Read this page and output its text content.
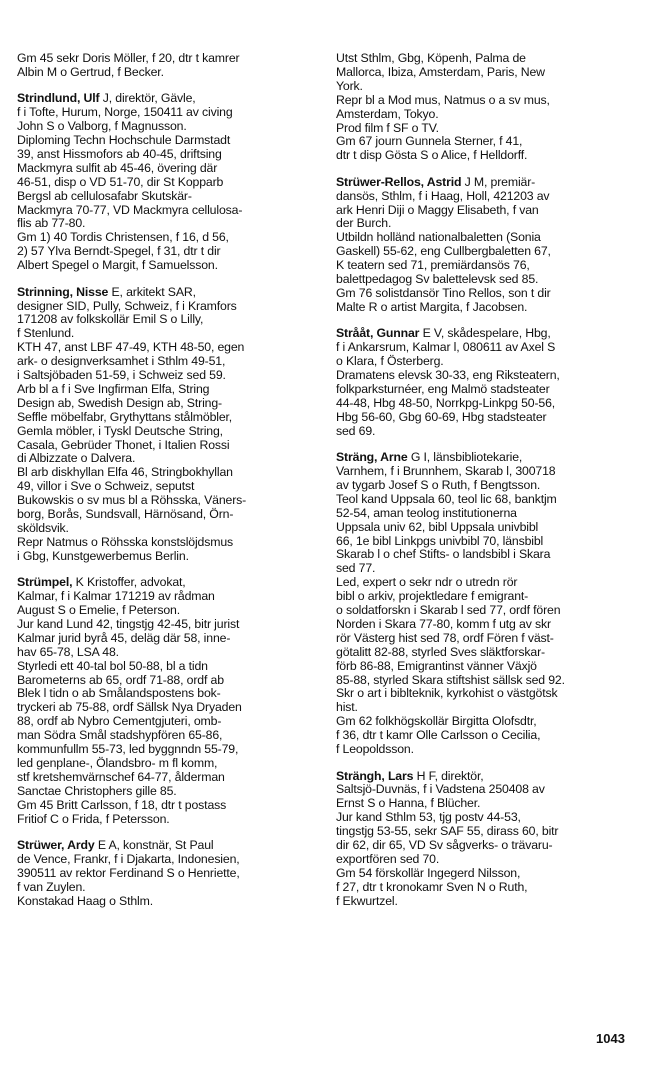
Gm 45 sekr Doris Möller, f 20, dtr t kamrer
Albin M o Gertrud, f Becker.
Strindlund, Ulf J, direktör, Gävle,
f i Tofte, Hurum, Norge, 150411 av civing
John S o Valborg, f Magnusson.
Diploming Techn Hochschule Darmstadt
39, anst Hissmofors ab 40-45, driftsing
Mackmyra sulfit ab 45-46, övering där
46-51, disp o VD 51-70, dir St Kopparb
Bergsl ab cellulosafabr Skutskär-
Mackmyra 70-77, VD Mackmyra cellulosa-
flis ab 77-80.
Gm 1) 40 Tordis Christensen, f 16, d 56,
2) 57 Ylva Berndt-Spegel, f 31, dtr t dir
Albert Spegel o Margit, f Samuelsson.
Strinning, Nisse E, arkitekt SAR,
designer SID, Pully, Schweiz, f i Kramfors
171208 av folkskollär Emil S o Lilly,
f Stenlund.
KTH 47, anst LBF 47-49, KTH 48-50, egen
ark- o designverksamhet i Sthlm 49-51,
i Saltsjöbaden 51-59, i Schweiz sed 59.
Arb bl a f i Sve Ingfirman Elfa, String
Design ab, Swedish Design ab, String-
Seffle möbelfabr, Grythyttans stålmöbler,
Gemla möbler, i Tyskl Deutsche String,
Casala, Gebrüder Thonet, i Italien Rossi
di Albizzate o Dalvera.
Bl arb diskhyllan Elfa 46, Stringbokhyllan
49, villor i Sve o Schweiz, seputst
Bukowskis o sv mus bl a Röhsska, Väners-
borg, Borås, Sundsvall, Härnösand, Örn-
sköldsvik.
Repr Natmus o Röhsska konstslöjdsmus
i Gbg, Kunstgewerbemus Berlin.
Strümpel, K Kristoffer, advokat,
Kalmar, f i Kalmar 171219 av rådman
August S o Emelie, f Peterson.
Jur kand Lund 42, tingstjg 42-45, bitr jurist
Kalmar jurid byrå 45, deläg där 58, inne-
hav 65-78, LSA 48.
Styrledi ett 40-tal bol 50-88, bl a tidn
Barometerns ab 65, ordf 71-88, ordf ab
Blek l tidn o ab Smålandspostens bok-
tryckeri ab 75-88, ordf Sällsk Nya Dryaden
88, ordf ab Nybro Cementgjuteri, omb-
man Södra Smål stadshypfören 65-86,
kommunfullm 55-73, led byggnndn 55-79,
led genplane-, Ölandsbro- m fl komm,
stf kretshemvärnschef 64-77, ålderman
Sanctae Christophers gille 85.
Gm 45 Britt Carlsson, f 18, dtr t postass
Fritiof C o Frida, f Petersson.
Strüwer, Ardy E A, konstnär, St Paul
de Vence, Frankr, f i Djakarta, Indonesien,
390511 av rektor Ferdinand S o Henriette,
f van Zuylen.
Konstakad Haag o Sthlm.
Utst Sthlm, Gbg, Köpenh, Palma de
Mallorca, Ibiza, Amsterdam, Paris, New
York.
Repr bl a Mod mus, Natmus o a sv mus,
Amsterdam, Tokyo.
Prod film f SF o TV.
Gm 67 journ Gunnela Sterner, f 41,
dtr t disp Gösta S o Alice, f Helldorff.
Strüwer-Rellos, Astrid J M, premiär-
dansös, Sthlm, f i Haag, Holl, 421203 av
ark Henri Diji o Maggy Elisabeth, f van
der Burch.
Utbildn holländ nationalbaletten (Sonia
Gaskell) 55-62, eng Cullbergbaletten 67,
K teatern sed 71, premiärdansös 76,
balettpedagog Sv balettelevsk sed 85.
Gm 76 solistdansör Tino Rellos, son t dir
Malte R o artist Margita, f Jacobsen.
Strååt, Gunnar E V, skådespelare, Hbg,
f i Ankarsrum, Kalmar l, 080611 av Axel S
o Klara, f Österberg.
Dramatens elevsk 30-33, eng Riksteatern,
folkparksturnéer, eng Malmö stadsteater
44-48, Hbg 48-50, Norrkpg-Linkpg 50-56,
Hbg 56-60, Gbg 60-69, Hbg stadsteater
sed 69.
Sträng, Arne G I, länsbibliotekarie,
Varnhem, f i Brunnhem, Skarab l, 300718
av tygarb Josef S o Ruth, f Bengtsson.
Teol kand Uppsala 60, teol lic 68, banktjm
52-54, aman teolog institutionerna
Uppsala univ 62, bibl Uppsala univbibl
66, 1e bibl Linkpgs univbibl 70, länsbibl
Skarab l o chef Stifts- o landsbibl i Skara
sed 77.
Led, expert o sekr ndr o utredn rör
bibl o arkiv, projektledare f emigrant-
o soldatforskn i Skarab l sed 77, ordf fören
Norden i Skara 77-80, komm f utg av skr
rör Västerg hist sed 78, ordf Fören f väst-
götalitt 82-88, styrled Sves släktforskar-
förb 86-88, Emigrantinst vänner Växjö
85-88, styrled Skara stiftshist sällsk sed 92.
Skr o art i biblteknik, kyrkohist o västgötsk
hist.
Gm 62 folkhögskollär Birgitta Olofsdtr,
f 36, dtr t kamr Olle Carlsson o Cecilia,
f Leopoldsson.
Strängh, Lars H F, direktör,
Saltsjö-Duvnäs, f i Vadstena 250408 av
Ernst S o Hanna, f Blücher.
Jur kand Sthlm 53, tjg postv 44-53,
tingstjg 53-55, sekr SAF 55, dirass 60, bitr
dir 62, dir 65, VD Sv sågverks- o trävaru-
exportfören sed 70.
Gm 54 förskollär Ingegerd Nilsson,
f 27, dtr t kronokamr Sven N o Ruth,
f Ekwurtzel.
1043
